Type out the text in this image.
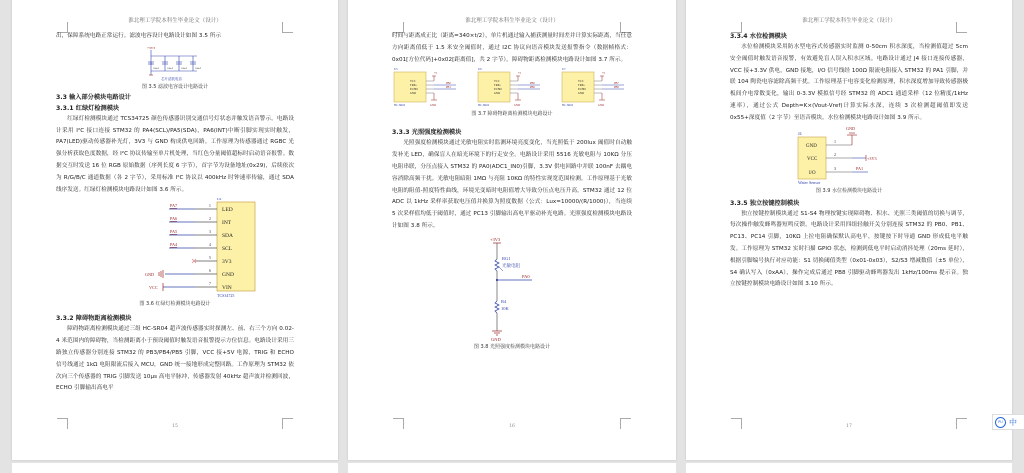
淮北理工学院本科生毕业论文（设计）

出，保障系统电路正常运行。滤波电容设计电路设计如图 3.5 所示

+3V3
100nF	100nF	100nF	100nF
芯片滤波电容
图 3.5 滤波电容设计电路设计
3.3 输入部分模块电路设计
3.3.1 红绿灯检测模块

红绿灯检测模块通过 TCS34725 颜色传感器识别交通信号灯状态并触发语音警示。电路设计采用 I²C 接口连接 STM32 的 PA4(SCL)/PA5(SDA)，PA6(INT)中断引脚实现实时触发，PA7(LED)驱动传感器补光灯，3V3 与 GND 构成供电回路。工作原理为传感器通过 RGBC 光强分析获取色度数据，经 I²C 协议传输至单片机处理，当红色分量阈值超标时启动语音报警。数据交互时发送 16 位 RGB 原始数据（序列长度 6 字节），首字节为设备地址(0x29)，后续依次为 R/G/B/C 通道数据（各 2 字节），采用标准 I²C 协议以 400kHz 时钟速率传输，通过 SDA 线序发送。红绿灯检测模块电路设计如图 3.6 所示。

U4
LED
INT
SDA
SCL
3V3
GND
VIN
1
2
3
4
5
6
7
PA7
PA6
PA5
PA4
GND
VCC
TCS34725
图 3.6 红绿灯检测模块电路设计
3.3.2 障碍物距离检测模块

障碍物距离检测模块通过三组 HC-SR04 超声波传感器实时探测左、前、右三个方向 0.02-4 米范围内的障碍物，当检测距离小于预设阈值时触发语音报警提示方位信息。电路设计采用三路独立传感器分别连接 STM32 的 PB3/PB4/PB5 引脚，VCC 接+5V 电源，TRIG 和 ECHO 信号线通过 1kΩ 电阻限流后接入 MCU，GND 统一接地形成完整回路。工作原理为 STM32 依次向三个传感器的 TRIG 引脚发送 10μs 高电平脉冲，传感器发射 40kHz 超声波并检测回波，ECHO 引脚输出高电平

15
淮北理工学院本科生毕业论文（设计）

时间与距离成正比（距离=340×t/2），单片机通过输入捕获测量时间差并计算实际距离，当任意方向距离值低于 1.5 米安全阈值时，通过 I2C 协议向语音模块发送报警指令（数据帧格式：0x01[方位代码]+0x02[距离值]，共 2 字节）。障碍物距离检测模块电路设计如图 3.7 所示。

U5
VCC
TRIG
ECHO
GND
+5
PB0
PB1
HC-SR04	GND
U6
VCC
TRIG
ECHO
GND
+5
PB0
PB6
HC-SR04	GND
U7
VCC
TRIG
ECHO
GND
+5
PB7
PB8
HC-SR04	GND
图 3.7 障碍物距离检测模块电路设计
3.3.3 光照强度检测模块

光照强度检测模块通过光敏电阻实时监测环境亮度变化，当光照低于 200lux 阈值时自动触发补光 LED，确保盲人在暗光环境下的行走安全。电路设计采用 5516 光敏电阻与 10KΩ 分压电阻串联，分压点接入 STM32 的 PA0(ADC1_IN0)引脚，3.3V 供电回路中并联 100nF 去耦电容消除高频干扰。光敏电阻暗阻 1MΩ 与亮阻 10KΩ 的特性实现宽范围检测。工作原理基于光敏电阻的阻值-照度特性曲线，环境光变暗时电阻值增大导致分压点电压升高。STM32 通过 12 位 ADC 以 1kHz 采样率获取电压值并换算为照度数据（公式：Lux=10000/(R/1000)），当连续 5 次采样值均低于阈值时，通过 PC13 引脚输出高电平驱动补光电路。光照强度检测模块电路设计如图 3.8 所示。

+3V3
RG1
光敏电阻
PA0
R4
10K
GND
图 3.8 光照强度检测模块电路设计
16
淮北理工学院本科生毕业论文（设计）
3.3.4 水位检测模块

水位检测模块采用防水型电容式传感器实时监测 0-50cm 积水深度，当检测值超过 5cm 安全阈值时触发语音报警，有效避免盲人误入积水区域。电路设计通过 J4 接口连接传感器，VCC 接+3.3V 供电，GND 接地，I/O 信号线经 100Ω 限流电阻接入 STM32 的 PA1 引脚，并联 104 陶瓷电容滤除高频干扰。工作原理基于电容变化检测原理，积水深度增加导致传感器极板间介电常数变化，输出 0-3.3V 模拟信号经 STM32 的 ADC1 通道采样（12 位精度/1kHz 速率），通过公式 Depth=K×(Vout-Vref)计算实际水深，连续 3 次检测超阈值即发送 0x55+深度值（2 字节）至语音模块。水位检测模块电路设计如图 3.9 所示。

J4
GND
VCC
I/O
1
2
3
GND
+3V3
PA1
Water Sensor
图 3.9 水位检测模块电路设计
3.3.5 独立按键控制模块

独立按键控制模块通过 S1-S4 物理按键实现障碍物、积水、光照三类阈值的切换与调节，每次操作触发蜂鸣器短鸣反馈。电路设计采用四组轻触开关分别连接 STM32 的 PB0、PB1、PC13、PC14 引脚，10KΩ 上拉电阻确保默认高电平，按键按下时导通 GND 形成低电平触发。工作原理为 STM32 实时扫描 GPIO 状态，检测到低电平时启动消抖处理（20ms 延时），根据引脚编号执行对应功能：S1 切换阈值类型（0x01-0x03），S2/S3 增减数值（±5 单位），S4 确认写入（0xAA），操作完成后通过 PB8 引脚驱动蜂鸣器发出 1kHz/100ms 提示音。独立按键控制模块电路设计如图 3.10 所示。

17
PU 中
